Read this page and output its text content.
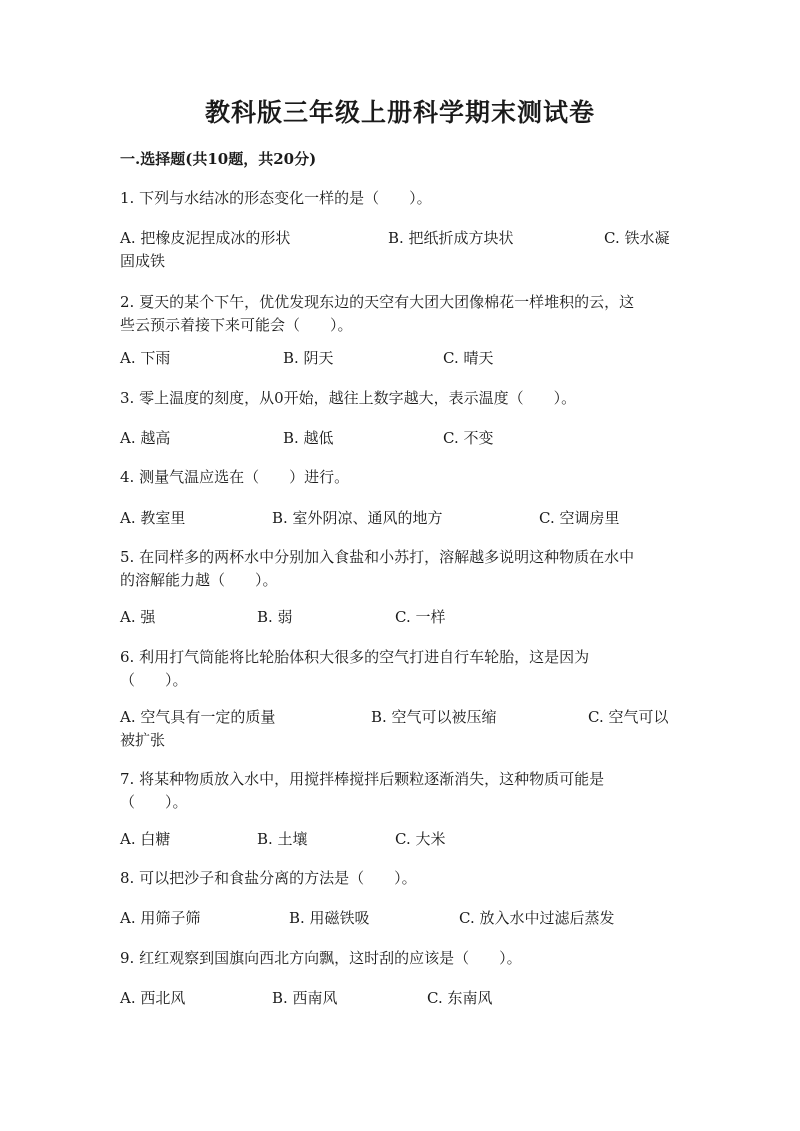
教科版三年级上册科学期末测试卷
一.选择题(共10题，共20分)
1. 下列与水结冰的形态变化一样的是（　　）。
A. 把橡皮泥捏成冰的形状	B. 把纸折成方块状	C. 铁水凝
固成铁
2. 夏天的某个下午，优优发现东边的天空有大团大团像棉花一样堆积的云，这
些云预示着接下来可能会（　　）。
A. 下雨	B. 阴天	C. 晴天
3. 零上温度的刻度，从0开始，越往上数字越大，表示温度（　　）。
A. 越高	B. 越低	C. 不变
4. 测量气温应选在（　　）进行。
A. 教室里	B. 室外阴凉、通风的地方	C. 空调房里
5. 在同样多的两杯水中分别加入食盐和小苏打，溶解越多说明这种物质在水中
的溶解能力越（　　）。
A. 强	B. 弱	C. 一样
6. 利用打气筒能将比轮胎体积大很多的空气打进自行车轮胎，这是因为
（　　）。
A. 空气具有一定的质量	B. 空气可以被压缩	C. 空气可以
被扩张
7. 将某种物质放入水中，用搅拌棒搅拌后颗粒逐渐消失，这种物质可能是
（　　）。
A. 白糖	B. 土壤	C. 大米
8. 可以把沙子和食盐分离的方法是（　　）。
A. 用筛子筛	B. 用磁铁吸	C. 放入水中过滤后蒸发
9. 红红观察到国旗向西北方向飘，这时刮的应该是（　　）。
A. 西北风	B. 西南风	C. 东南风
